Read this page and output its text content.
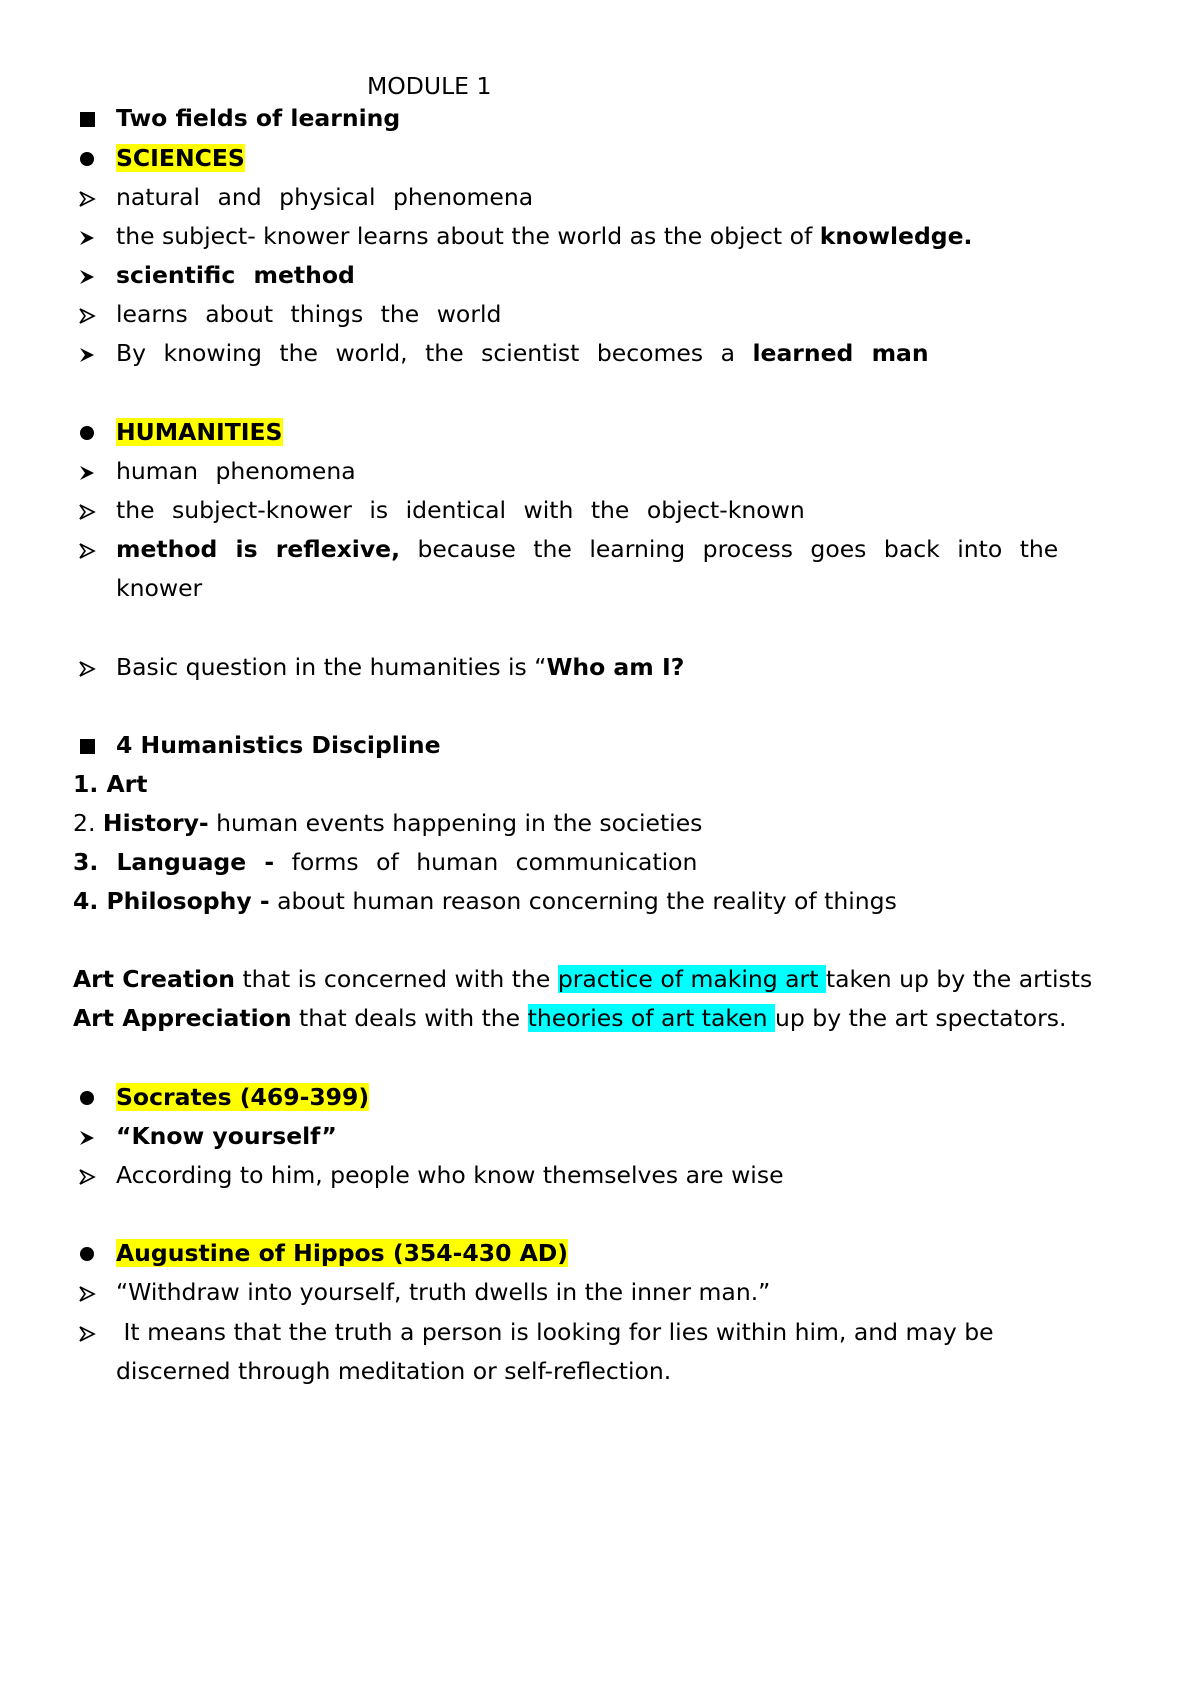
MODULE 1
Two fields of learning
SCIENCES
natural and physical phenomena
the subject- knower learns about the world as the object of knowledge.
scientific method
learns about things the world
By knowing the world, the scientist becomes a learned man
HUMANITIES
human phenomena
the subject-knower is identical with the object-known
method is reflexive, because the learning process goes back into the
knower
Basic question in the humanities is “Who am I?
4 Humanistics Discipline
1. Art
2. History- human events happening in the societies
3. Language - forms of human communication
4. Philosophy - about human reason concerning the reality of things
Art Creation that is concerned with the practice of making art taken up by the artists
Art Appreciation that deals with the theories of art taken up by the art spectators.
Socrates (469-399)
“Know yourself”
According to him, people who know themselves are wise
Augustine of Hippos (354-430 AD)
“Withdraw into yourself, truth dwells in the inner man.”
It means that the truth a person is looking for lies within him, and may be
discerned through meditation or self-reflection.
